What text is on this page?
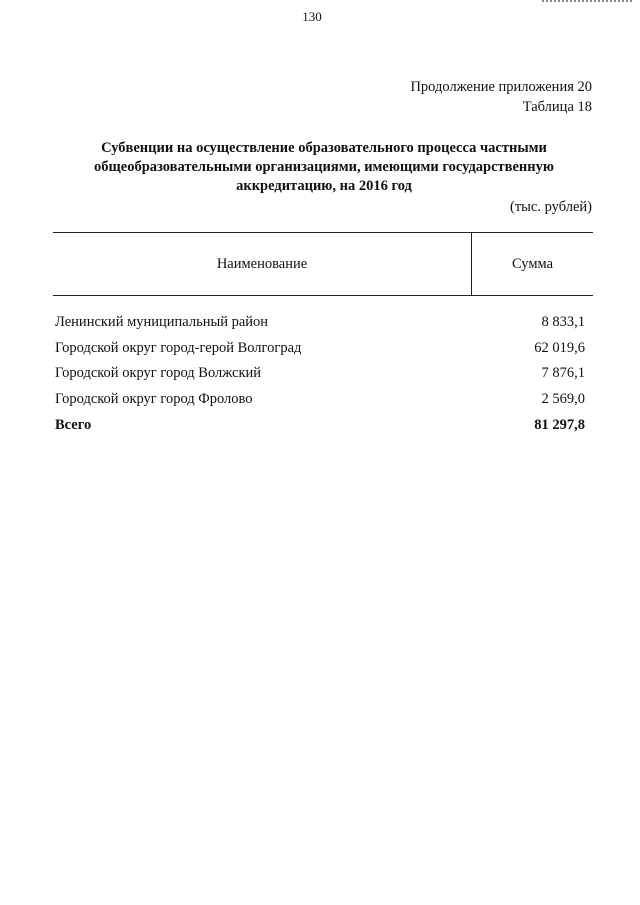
130
Продолжение приложения 20
Таблица 18
Субвенции на осуществление образовательного процесса частными
общеобразовательными организациями, имеющими государственную
аккредитацию, на 2016 год
(тыс. рублей)
Наименование	Сумма
Ленинский муниципальный район	8 833,1
Городской округ город-герой Волгоград	62 019,6
Городской округ город Волжский	7 876,1
Городской округ город Фролово	2 569,0
Всего	81 297,8
